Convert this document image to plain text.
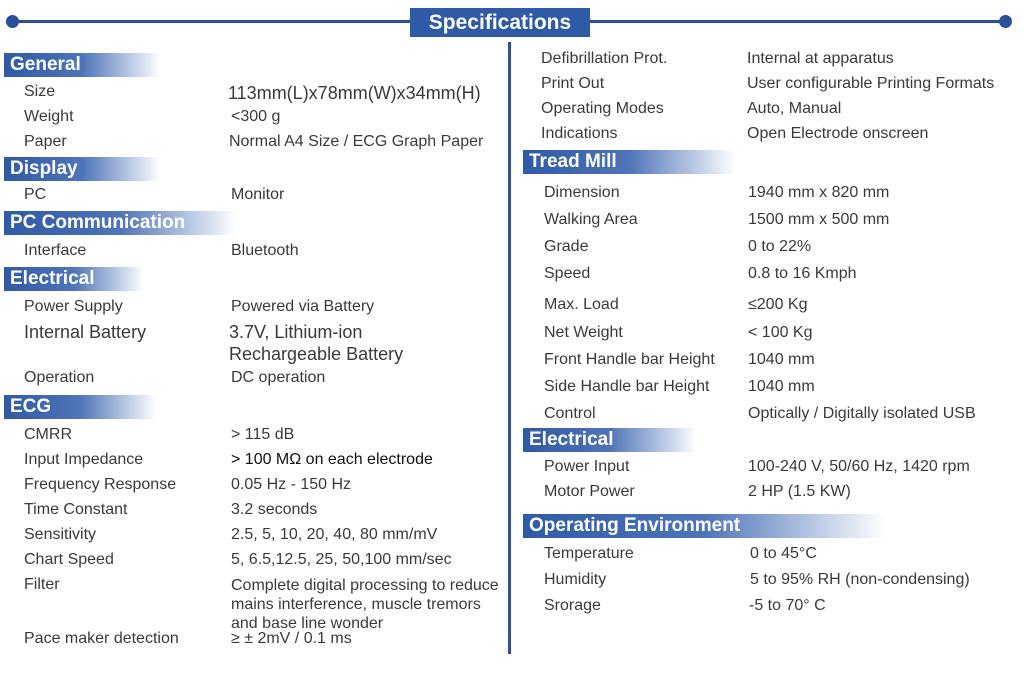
Specifications
General
Size	113mm(L)x78mm(W)x34mm(H)
Weight	<300 g
Paper	Normal A4 Size / ECG Graph Paper
Display
PC	Monitor
PC Communication
Interface	Bluetooth
Electrical
Power Supply	Powered via Battery
Internal Battery	3.7V, Lithium-ion Rechargeable Battery
Operation	DC operation
ECG
CMRR	> 115 dB
Input Impedance	> 100 MΩ on each electrode
Frequency Response	0.05 Hz - 150 Hz
Time Constant	3.2 seconds
Sensitivity	2.5, 5, 10, 20, 40, 80 mm/mV
Chart Speed	5, 6.5,12.5, 25, 50,100 mm/sec
Filter	Complete digital processing to reduce mains interference, muscle tremors and base line wonder
Pace maker detection	≥ ± 2mV / 0.1 ms
Defibrillation Prot.	Internal at apparatus
Print Out	User configurable Printing Formats
Operating Modes	Auto, Manual
Indications	Open Electrode onscreen
Tread Mill
Dimension	1940 mm x 820 mm
Walking Area	1500 mm x 500 mm
Grade	0 to 22%
Speed	0.8 to 16 Kmph
Max. Load	≤200 Kg
Net Weight	< 100 Kg
Front Handle bar Height 1040 mm
Side Handle bar Height 1040 mm
Control	Optically / Digitally isolated USB
Electrical
Power Input	100-240 V, 50/60 Hz, 1420 rpm
Motor Power	2 HP (1.5 KW)
Operating Environment
Temperature	0 to 45°C
Humidity	5 to 95% RH (non-condensing)
Srorage	-5 to 70° C
